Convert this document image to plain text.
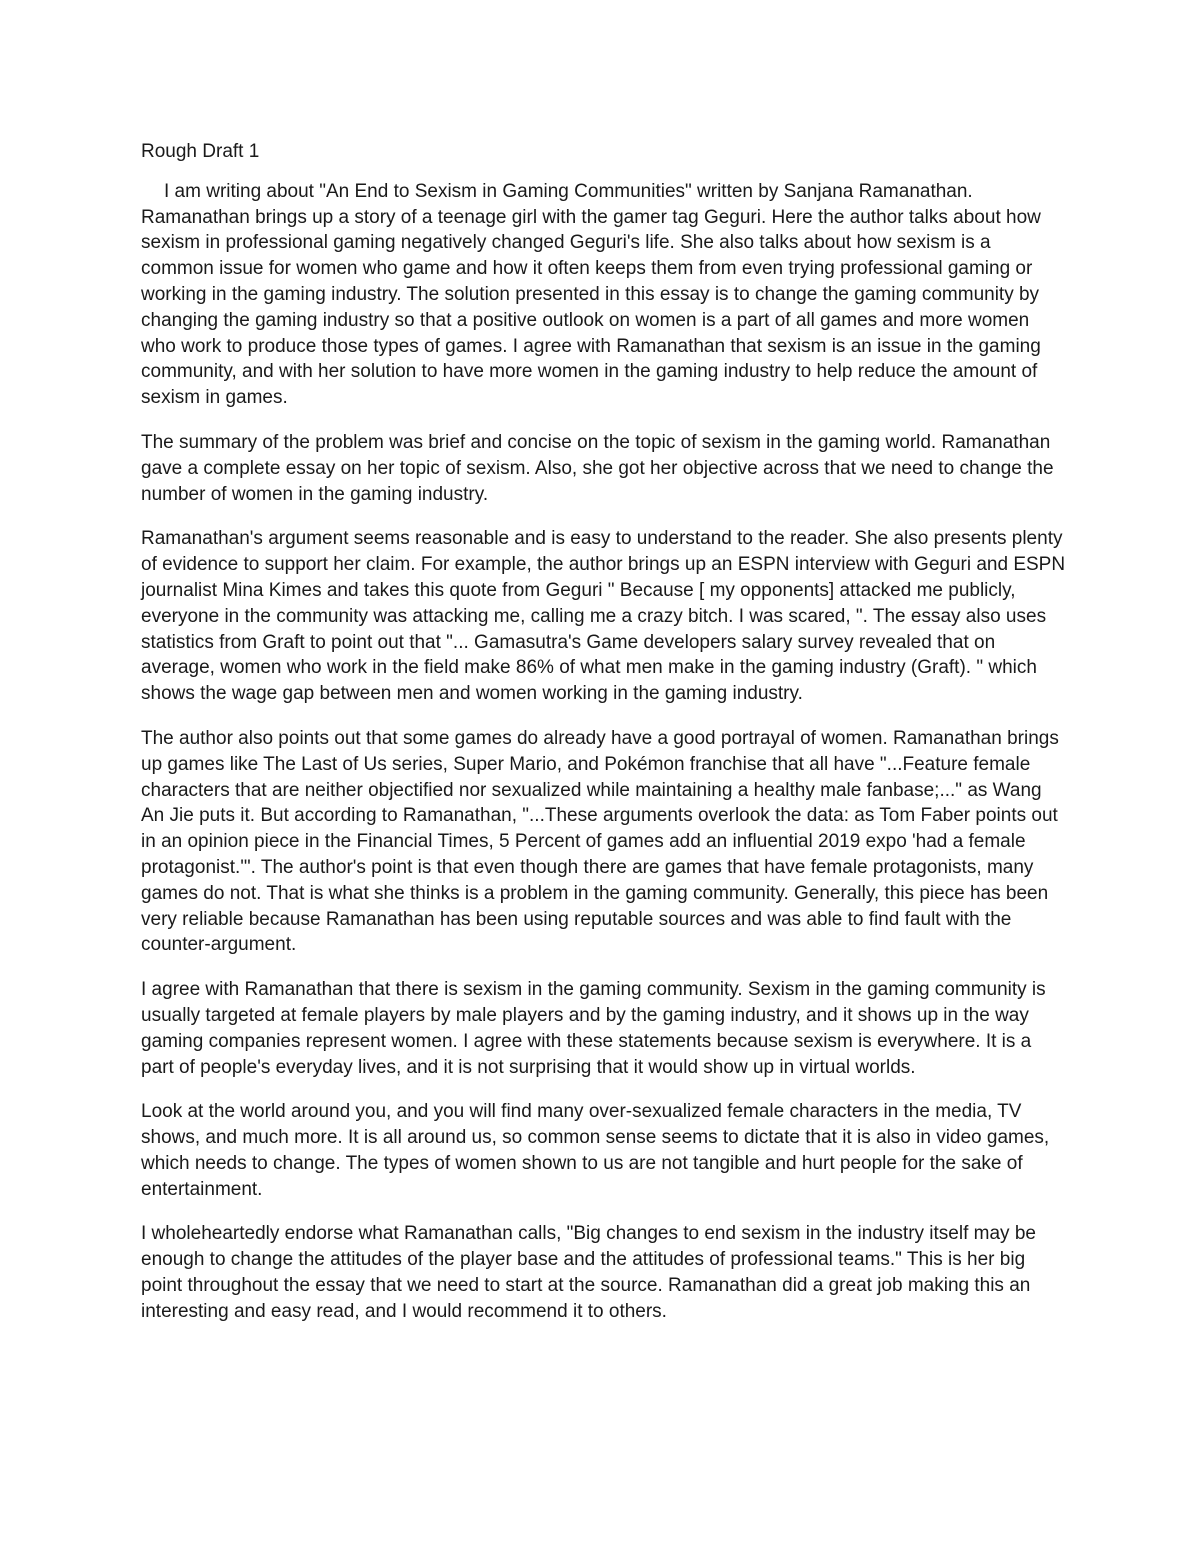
Rough Draft 1

I am writing about "An End to Sexism in Gaming Communities" written by Sanjana Ramanathan. Ramanathan brings up a story of a teenage girl with the gamer tag Geguri. Here the author talks about how sexism in professional gaming negatively changed Geguri's life. She also talks about how sexism is a common issue for women who game and how it often keeps them from even trying professional gaming or working in the gaming industry. The solution presented in this essay is to change the gaming community by changing the gaming industry so that a positive outlook on women is a part of all games and more women who work to produce those types of games. I agree with Ramanathan that sexism is an issue in the gaming community, and with her solution to have more women in the gaming industry to help reduce the amount of sexism in games.

The summary of the problem was brief and concise on the topic of sexism in the gaming world. Ramanathan gave a complete essay on her topic of sexism. Also, she got her objective across that we need to change the number of women in the gaming industry.

Ramanathan's argument seems reasonable and is easy to understand to the reader. She also presents plenty of evidence to support her claim. For example, the author brings up an ESPN interview with Geguri and ESPN journalist Mina Kimes and takes this quote from Geguri " Because [ my opponents] attacked me publicly, everyone in the community was attacking me, calling me a crazy bitch. I was scared, ". The essay also uses statistics from Graft to point out that "... Gamasutra's Game developers salary survey revealed that on average, women who work in the field make 86% of what men make in the gaming industry (Graft). " which shows the wage gap between men and women working in the gaming industry.

The author also points out that some games do already have a good portrayal of women. Ramanathan brings up games like The Last of Us series, Super Mario, and Pokémon franchise that all have "...Feature female characters that are neither objectified nor sexualized while maintaining a healthy male fanbase;..." as Wang An Jie puts it. But according to Ramanathan, "...These arguments overlook the data: as Tom Faber points out in an opinion piece in the Financial Times, 5 Percent of games add an influential 2019 expo 'had a female protagonist.'". The author's point is that even though there are games that have female protagonists, many games do not. That is what she thinks is a problem in the gaming community. Generally, this piece has been very reliable because Ramanathan has been using reputable sources and was able to find fault with the counter-argument.

I agree with Ramanathan that there is sexism in the gaming community. Sexism in the gaming community is usually targeted at female players by male players and by the gaming industry, and it shows up in the way gaming companies represent women. I agree with these statements because sexism is everywhere. It is a part of people's everyday lives, and it is not surprising that it would show up in virtual worlds.

Look at the world around you, and you will find many over-sexualized female characters in the media, TV shows, and much more. It is all around us, so common sense seems to dictate that it is also in video games, which needs to change. The types of women shown to us are not tangible and hurt people for the sake of entertainment.

I wholeheartedly endorse what Ramanathan calls, "Big changes to end sexism in the industry itself may be enough to change the attitudes of the player base and the attitudes of professional teams." This is her big point throughout the essay that we need to start at the source. Ramanathan did a great job making this an interesting and easy read, and I would recommend it to others.
